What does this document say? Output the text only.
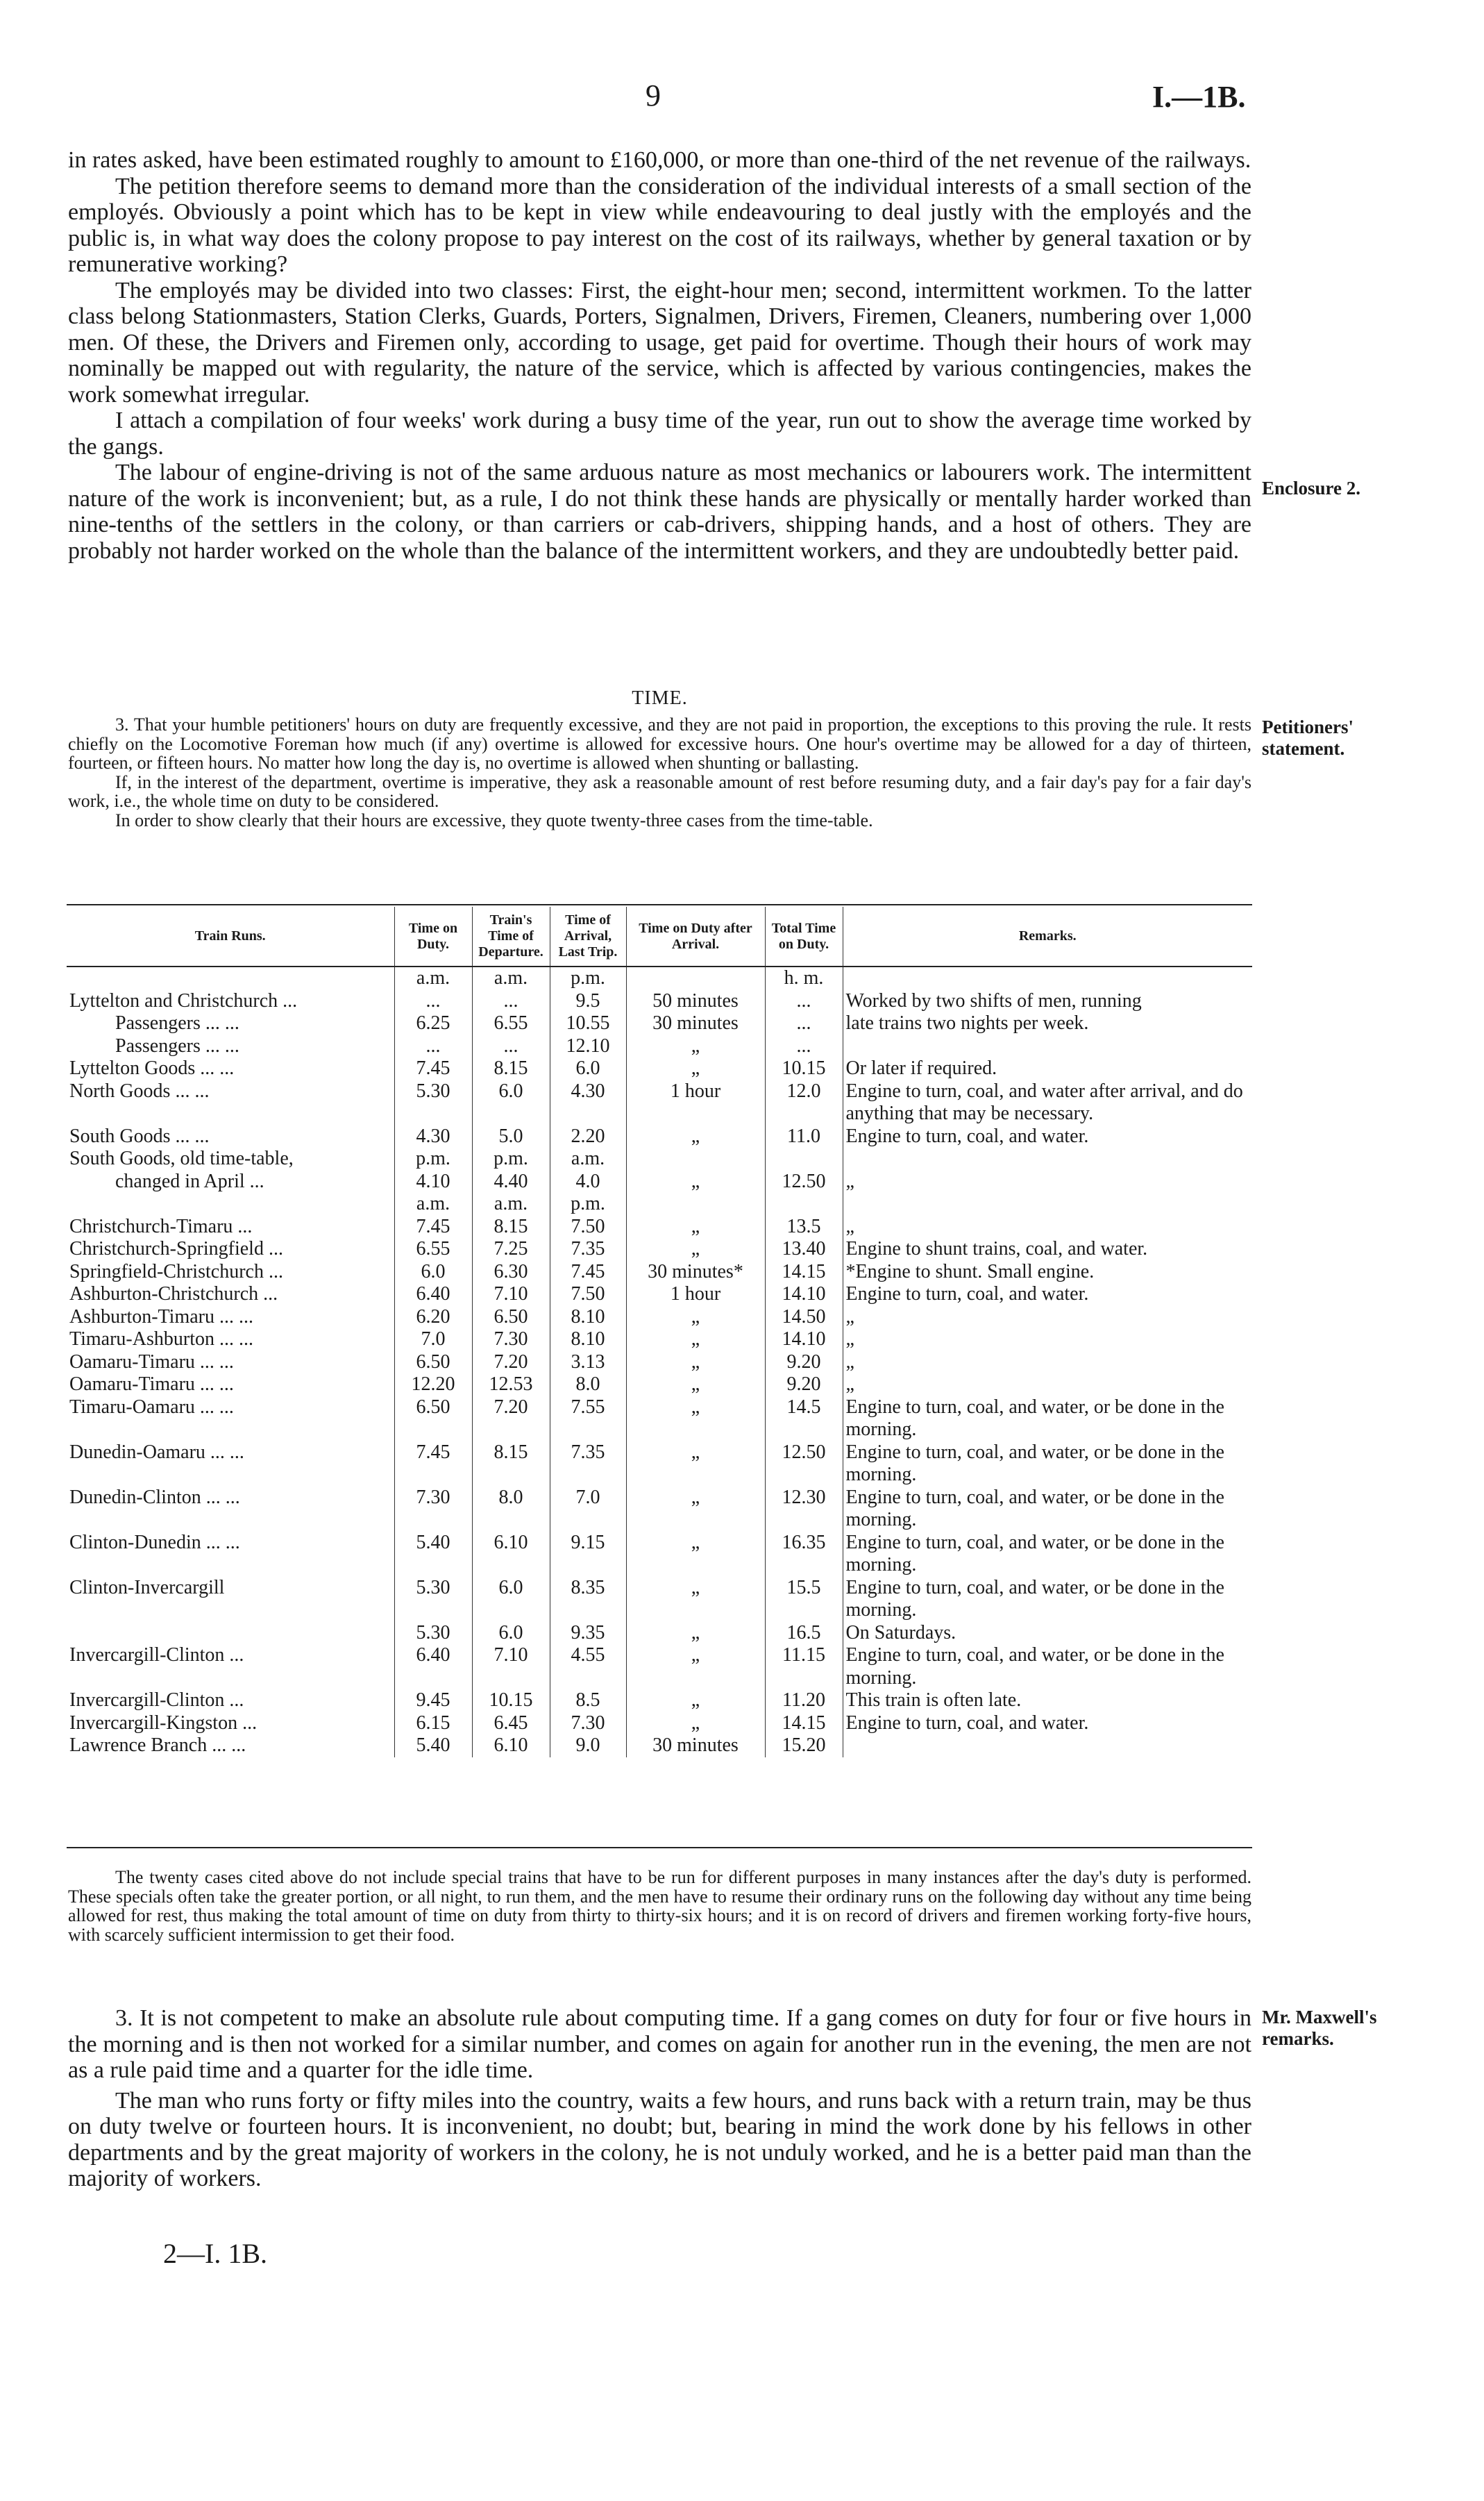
9	I.—1B.

in rates asked, have been estimated roughly to amount to £160,000, or more than one-third of the net revenue of the railways.

The petition therefore seems to demand more than the consideration of the individual interests of a small section of the employés. Obviously a point which has to be kept in view while endeavouring to deal justly with the employés and the public is, in what way does the colony propose to pay interest on the cost of its railways, whether by general taxation or by remunerative working?

The employés may be divided into two classes: First, the eight-hour men; second, intermittent workmen. To the latter class belong Stationmasters, Station Clerks, Guards, Porters, Signalmen, Drivers, Firemen, Cleaners, numbering over 1,000 men. Of these, the Drivers and Firemen only, according to usage, get paid for overtime. Though their hours of work may nominally be mapped out with regularity, the nature of the service, which is affected by various contingencies, makes the work somewhat irregular.

I attach a compilation of four weeks' work during a busy time of the year, run out to show the average time worked by the gangs.

The labour of engine-driving is not of the same arduous nature as most mechanics or labourers work. The intermittent nature of the work is inconvenient; but, as a rule, I do not think these hands are physically or mentally harder worked than nine-tenths of the settlers in the colony, or than carriers or cab-drivers, shipping hands, and a host of others. They are probably not harder worked on the whole than the balance of the intermittent workers, and they are undoubtedly better paid.

Enclosure 2.
TIME.

3. That your humble petitioners' hours on duty are frequently excessive, and they are not paid in proportion, the exceptions to this proving the rule. It rests chiefly on the Locomotive Foreman how much (if any) overtime is allowed for excessive hours. One hour's overtime may be allowed for a day of thirteen, fourteen, or fifteen hours. No matter how long the day is, no overtime is allowed when shunting or ballasting.

If, in the interest of the department, overtime is imperative, they ask a reasonable amount of rest before resuming duty, and a fair day's pay for a fair day's work, i.e., the whole time on duty to be considered.

In order to show clearly that their hours are excessive, they quote twenty-three cases from the time-table.

Petitioners'
statement.
Train Runs.	Time on Duty.	Train's Time of Departure.	Time of Arrival, Last Trip.	Time on Duty after Arrival.	Total Time on Duty.	Remarks.
	a.m.	a.m.	p.m.		h. m.	
Lyttelton and Christchurch ...	...	...	9.5	50 minutes	...	Worked by two shifts of men, running
Passengers ... ...	6.25	6.55	10.55	30 minutes	...	late trains two nights per week.
Passengers ... ...	...	...	12.10	„	...	
Lyttelton Goods ... ...	7.45	8.15	6.0	„	10.15	Or later if required.
North Goods ... ...	5.30	6.0	4.30	1 hour	12.0	Engine to turn, coal, and water after arrival, and do anything that may be necessary.
South Goods ... ...	4.30	5.0	2.20	„	11.0	Engine to turn, coal, and water.
South Goods, old time-table,	p.m.	p.m.	a.m.			
changed in April ...	4.10	4.40	4.0	„	12.50	„
	a.m.	a.m.	p.m.			
Christchurch-Timaru ...	7.45	8.15	7.50	„	13.5	„
Christchurch-Springfield ...	6.55	7.25	7.35	„	13.40	Engine to shunt trains, coal, and water.
Springfield-Christchurch ...	6.0	6.30	7.45	30 minutes*	14.15	*Engine to shunt. Small engine.
Ashburton-Christchurch ...	6.40	7.10	7.50	1 hour	14.10	Engine to turn, coal, and water.
Ashburton-Timaru ... ...	6.20	6.50	8.10	„	14.50	„
Timaru-Ashburton ... ...	7.0	7.30	8.10	„	14.10	„
Oamaru-Timaru ... ...	6.50	7.20	3.13	„	9.20	„
Oamaru-Timaru ... ...	12.20	12.53	8.0	„	9.20	„
Timaru-Oamaru ... ...	6.50	7.20	7.55	„	14.5	Engine to turn, coal, and water, or be done in the morning.
Dunedin-Oamaru ... ...	7.45	8.15	7.35	„	12.50	Engine to turn, coal, and water, or be done in the morning.
Dunedin-Clinton ... ...	7.30	8.0	7.0	„	12.30	Engine to turn, coal, and water, or be done in the morning.
Clinton-Dunedin ... ...	5.40	6.10	9.15	„	16.35	Engine to turn, coal, and water, or be done in the morning.
Clinton-Invercargill	5.30	6.0	8.35	„	15.5	Engine to turn, coal, and water, or be done in the morning.
	5.30	6.0	9.35	„	16.5	On Saturdays.
Invercargill-Clinton ...	6.40	7.10	4.55	„	11.15	Engine to turn, coal, and water, or be done in the morning.
Invercargill-Clinton ...	9.45	10.15	8.5	„	11.20	This train is often late.
Invercargill-Kingston ...	6.15	6.45	7.30	„	14.15	Engine to turn, coal, and water.
Lawrence Branch ... ...	5.40	6.10	9.0	30 minutes	15.20	

The twenty cases cited above do not include special trains that have to be run for different purposes in many instances after the day's duty is performed. These specials often take the greater portion, or all night, to run them, and the men have to resume their ordinary runs on the following day without any time being allowed for rest, thus making the total amount of time on duty from thirty to thirty-six hours; and it is on record of drivers and firemen working forty-five hours, with scarcely sufficient intermission to get their food.

3. It is not competent to make an absolute rule about computing time. If a gang comes on duty for four or five hours in the morning and is then not worked for a similar number, and comes on again for another run in the evening, the men are not as a rule paid time and a quarter for the idle time.

The man who runs forty or fifty miles into the country, waits a few hours, and runs back with a return train, may be thus on duty twelve or fourteen hours. It is inconvenient, no doubt; but, bearing in mind the work done by his fellows in other departments and by the great majority of workers in the colony, he is not unduly worked, and he is a better paid man than the majority of workers.

Mr. Maxwell's
remarks.
2—I. 1B.
